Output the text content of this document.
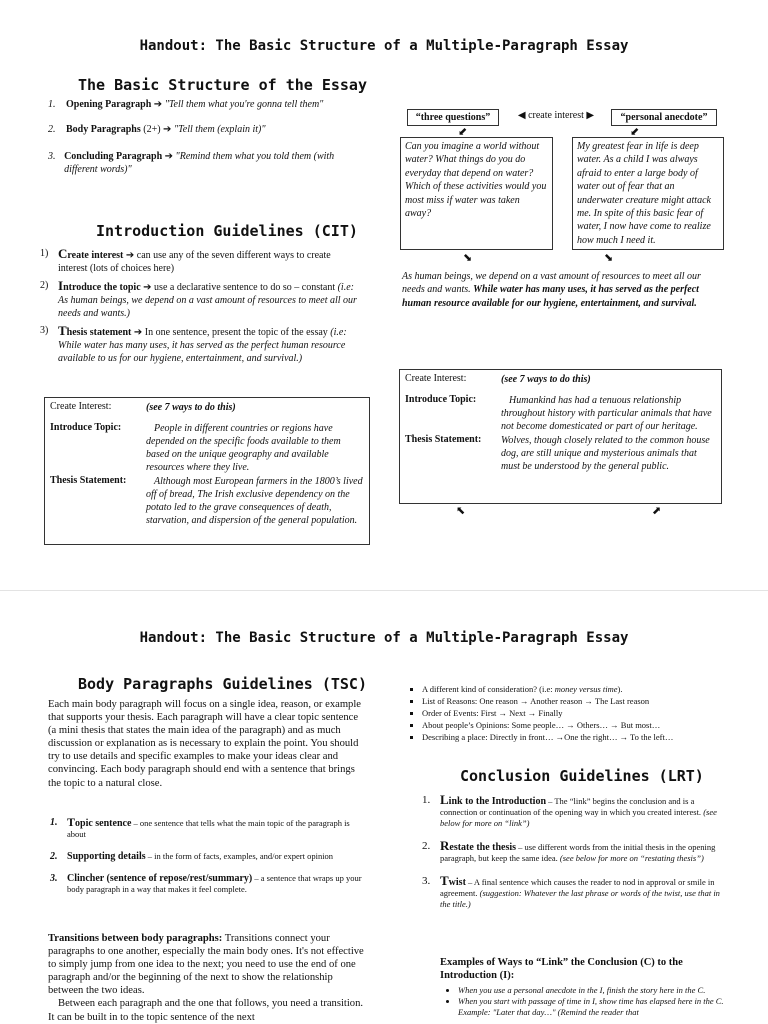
Handout: The Basic Structure of a Multiple-Paragraph Essay
The Basic Structure of the Essay
1.	Opening Paragraph ➔ "Tell them what you're gonna tell them"
2.	Body Paragraphs (2+) ➔ "Tell them (explain it)"
3. Concluding Paragraph ➔ "Remind them what you told them (with different words)"
Introduction Guidelines (CIT)
1) Create interest ➔ can use any of the seven different ways to create interest (lots of choices here)
2) Introduce the topic ➔ use a declarative sentence to do so – constant (i.e: As human beings, we depend on a vast amount of resources to meet all our needs and wants.)
3) Thesis statement ➔ In one sentence, present the topic of the essay (i.e: While water has many uses, it has served as the perfect human resource available to us for our hygiene, entertainment, and survival.)
Create Interest:	(see 7 ways to do this)
Introduce Topic:	People in different countries or regions have depended on the specific foods available to them based on the unique geography and available resources where they live.
Thesis Statement:	Although most European farmers in the 1800’s lived off of bread, The Irish exclusive dependency on the potato led to the grave consequences of death, starvation, and dispersion of the general population.
“three questions”	◀ create interest ▶	“personal anecdote”
⬋	⬋
Can you imagine a world without water? What things do you do everyday that depend on water? Which of these activities would you most miss if water was taken away?
My greatest fear in life is deep water. As a child I was always afraid to enter a large body of water out of fear that an underwater creature might attack me. In spite of this basic fear of water, I now have come to realize how much I need it.
⬊	⬊
As human beings, we depend on a vast amount of resources to meet all our needs and wants. While water has many uses, it has served as the perfect human resource available for our hygiene, entertainment, and survival.
Create Interest:	(see 7 ways to do this)
Introduce Topic:	Humankind has had a tenuous relationship throughout history with particular animals that have not become domesticated or part of our heritage.
Thesis Statement:	Wolves, though closely related to the common house dog, are still unique and mysterious animals that must be understood by the general public.
⬉	⬈
Handout: The Basic Structure of a Multiple-Paragraph Essay
Body Paragraphs Guidelines (TSC)
Each main body paragraph will focus on a single idea, reason, or example that supports your thesis. Each paragraph will have a clear topic sentence (a mini thesis that states the main idea of the paragraph) and as much discussion or explanation as is necessary to explain the point. You should try to use details and specific examples to make your ideas clear and convincing. Each body paragraph should end with a sentence that brings the topic to a natural close.
1. Topic sentence – one sentence that tells what the main topic of the paragraph is about
2. Supporting details – in the form of facts, examples, and/or expert opinion
3. Clincher (sentence of repose/rest/summary) – a sentence that wraps up your body paragraph in a way that makes it feel complete.
Transitions between body paragraphs: Transitions connect your paragraphs to one another, especially the main body ones. It's not effective to simply jump from one idea to the next; you need to use the end of one paragraph and/or the beginning of the next to show the relationship between the two ideas.
Between each paragraph and the one that follows, you need a transition. It can be built in to the topic sentence of the next
▪ A different kind of consideration? (i.e: money versus time).
▪ List of Reasons: One reason → Another reason → The Last reason
▪ Order of Events: First → Next → Finally
▪ About people’s Opinions: Some people… → Others… → But most…
▪ Describing a place: Directly in front… →One the right… → To the left…
Conclusion Guidelines (LRT)
1. Link to the Introduction – The “link” begins the conclusion and is a connection or continuation of the opening way in which you created interest. (see below for more on “link”)
2. Restate the thesis – use different words from the initial thesis in the opening paragraph, but keep the same idea. (see below for more on “restating thesis”)
3. Twist – A final sentence which causes the reader to nod in approval or smile in agreement. (suggestion: Whatever the last phrase or words of the twist, use that in the title.)
Examples of Ways to “Link” the Conclusion (C) to the Introduction (I):
• When you use a personal anecdote in the I, finish the story here in the C.
• When you start with passage of time in I, show time has elapsed here in the C. Example: "Later that day…" (Remind the reader that
